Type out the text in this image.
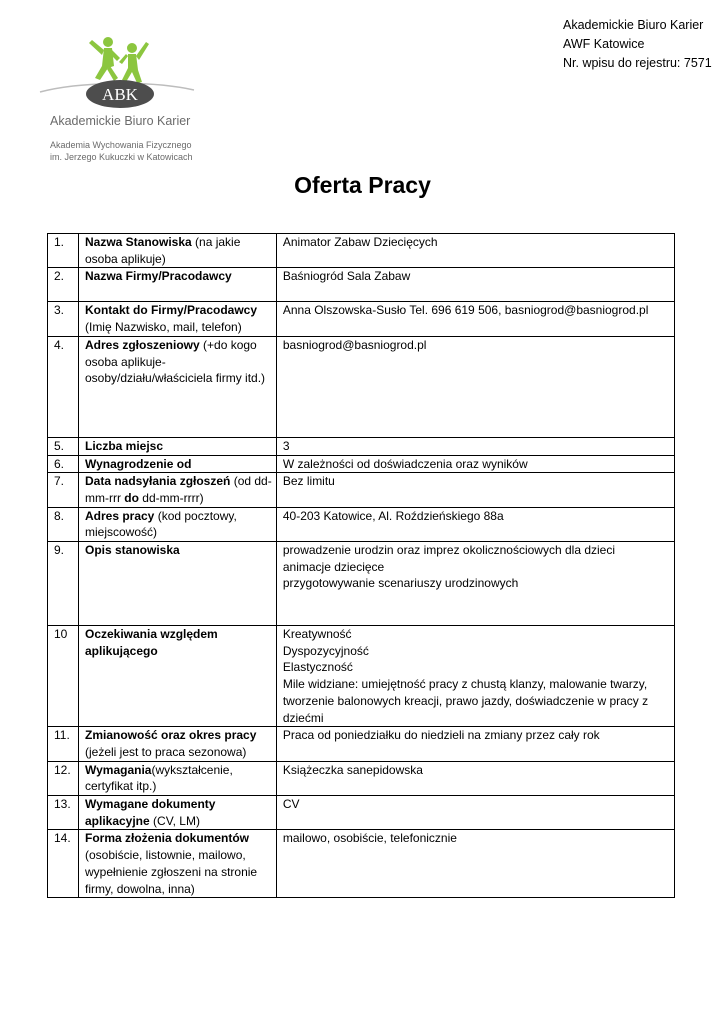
Akademickie Biuro Karier
AWF Katowice
Nr. wpisu do rejestru: 7571
ABK
Akademickie Biuro Karier
Akademia Wychowania Fizycznego
im. Jerzego Kukuczki w Katowicach
Oferta Pracy
1.	Nazwa Stanowiska (na jakie osoba aplikuje)	Animator Zabaw Dziecięcych

2.	Nazwa Firmy/Pracodawcy	Baśniogród Sala Zabaw

3.	Kontakt do Firmy/Pracodawcy (Imię Nazwisko, mail, telefon)	Anna Olszowska-Susło Tel. 696 619 506, basniogrod@basniogrod.pl

4.	Adres zgłoszeniowy (+do kogo osoba aplikuje- osoby/działu/właściciela firmy itd.)	basniogrod@basniogrod.pl

5.	Liczba miejsc	3

6.	Wynagrodzenie od	W zależności od doświadczenia oraz wyników

7.	Data nadsyłania zgłoszeń (od dd-mm-rrr do dd-mm-rrrr)	Bez limitu

8.	Adres pracy (kod pocztowy, miejscowość)	40-203 Katowice, Al. Roździeńskiego 88a

9.	Opis stanowiska	prowadzenie urodzin oraz imprez okolicznościowych dla dzieci
animacje dziecięce
przygotowywanie scenariuszy urodzinowych

10	Oczekiwania względem aplikującego	Kreatywność
Dyspozycyjność
Elastyczność
Mile widziane: umiejętność pracy z chustą klanzy, malowanie twarzy, tworzenie balonowych kreacji, prawo jazdy, doświadczenie w pracy z dziećmi

11.	Zmianowość oraz okres pracy (jeżeli jest to praca sezonowa)	Praca od poniedziałku do niedzieli na zmiany przez cały rok

12.	Wymagania(wykształcenie, certyfikat itp.)	Książeczka sanepidowska

13.	Wymagane dokumenty aplikacyjne (CV, LM)	CV

14.	Forma złożenia dokumentów (osobiście, listownie, mailowo, wypełnienie zgłoszeni na stronie firmy, dowolna, inna)	mailowo, osobiście, telefonicznie
